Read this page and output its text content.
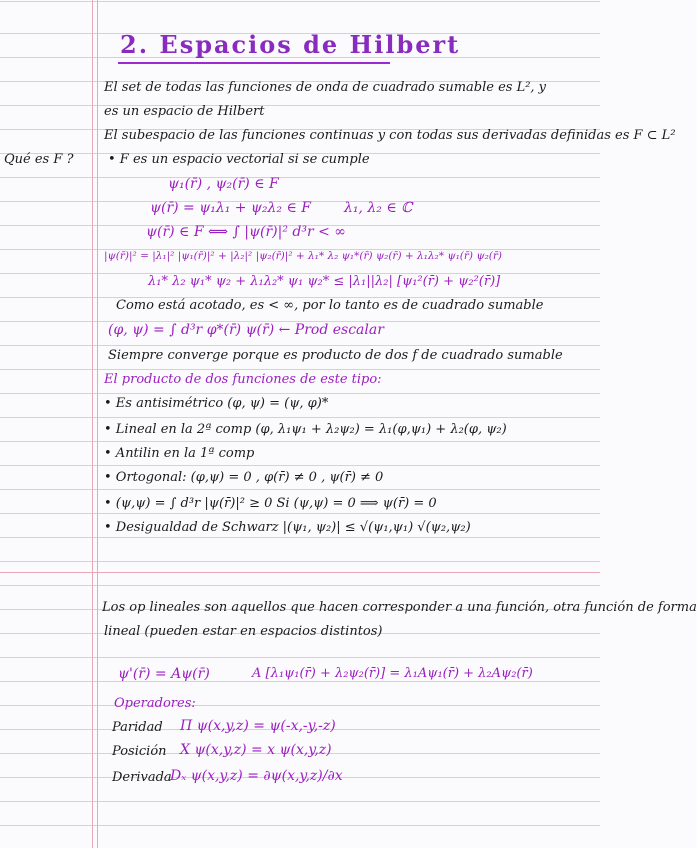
2. Espacios de Hilbert
Qué es F ?
El set de todas las funciones de onda de cuadrado sumable es L², y
es un espacio de Hilbert
El subespacio de las funciones continuas y con todas sus derivadas definidas es F ⊂ L²
• F es un espacio vectorial si se cumple
ψ₁(r̄) , ψ₂(r̄) ∈ F
ψ(r̄) = ψ₁λ₁ + ψ₂λ₂ ∈ F λ₁, λ₂ ∈ ℂ
ψ(r̄) ∈ F ⟺ ∫ |ψ(r̄)|² d³r < ∞
|ψ(r̄)|² = |λ₁|² |ψ₁(r̄)|² + |λ₂|² |ψ₂(r̄)|² + λ₁* λ₂ ψ₁*(r̄) ψ₂(r̄) + λ₁λ₂* ψ₁(r̄) ψ₂(r̄)
λ₁* λ₂ ψ₁* ψ₂ + λ₁λ₂* ψ₁ ψ₂* ≤ |λ₁||λ₂| [ψ₁²(r̄) + ψ₂²(r̄)]
Como está acotado, es < ∞, por lo tanto es de cuadrado sumable
(φ, ψ) = ∫ d³r φ*(r̄) ψ(r̄) ← Prod escalar
Siempre converge porque es producto de dos f de cuadrado sumable
El producto de dos funciones de este tipo:
• Es antisimétrico (φ, ψ) = (ψ, φ)*
• Lineal en la 2ª comp (φ, λ₁ψ₁ + λ₂ψ₂) = λ₁(φ,ψ₁) + λ₂(φ, ψ₂)
• Antilin en la 1ª comp
• Ortogonal: (φ,ψ) = 0 , φ(r̄) ≠ 0 , ψ(r̄) ≠ 0
• (ψ,ψ) = ∫ d³r |ψ(r̄)|² ≥ 0 Si (ψ,ψ) = 0 ⟹ ψ(r̄) = 0
• Desigualdad de Schwarz |(ψ₁, ψ₂)| ≤ √(ψ₁,ψ₁) √(ψ₂,ψ₂)
Los op lineales son aquellos que hacen corresponder a una función, otra función de forma
lineal (pueden estar en espacios distintos)
ψ'(r̄) = Aψ(r̄)	A [λ₁ψ₁(r̄) + λ₂ψ₂(r̄)] = λ₁Aψ₁(r̄) + λ₂Aψ₂(r̄)
Operadores:
Paridad Π ψ(x,y,z) = ψ(-x,-y,-z)
Posición X ψ(x,y,z) = x ψ(x,y,z)
Derivada
Dₓ ψ(x,y,z) = ∂ψ(x,y,z)/∂x
